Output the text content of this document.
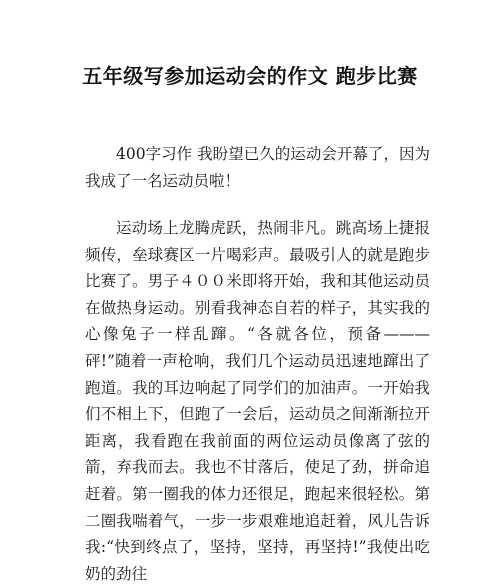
五年级写参加运动会的作文 跑步比赛
400字习作 我盼望已久的运动会开幕了，因为我成了一名运动员啦！
运动场上龙腾虎跃，热闹非凡。跳高场上捷报频传，垒球赛区一片喝彩声。最吸引人的就是跑步比赛了。男子４００米即将开始，我和其他运动员在做热身运动。别看我神态自若的样子，其实我的心像兔子一样乱蹿。“各就各位，预备———砰!”随着一声枪响，我们几个运动员迅速地蹿出了跑道。我的耳边响起了同学们的加油声。一开始我们不相上下，但跑了一会后，运动员之间渐渐拉开距离，我看跑在我前面的两位运动员像离了弦的箭，弃我而去。我也不甘落后，使足了劲，拼命追赶着。第一圈我的体力还很足，跑起来很轻松。第二圈我喘着气，一步一步艰难地追赶着，风儿告诉我:“快到终点了，坚持，坚持，再坚持!”我使出吃奶的劲往
